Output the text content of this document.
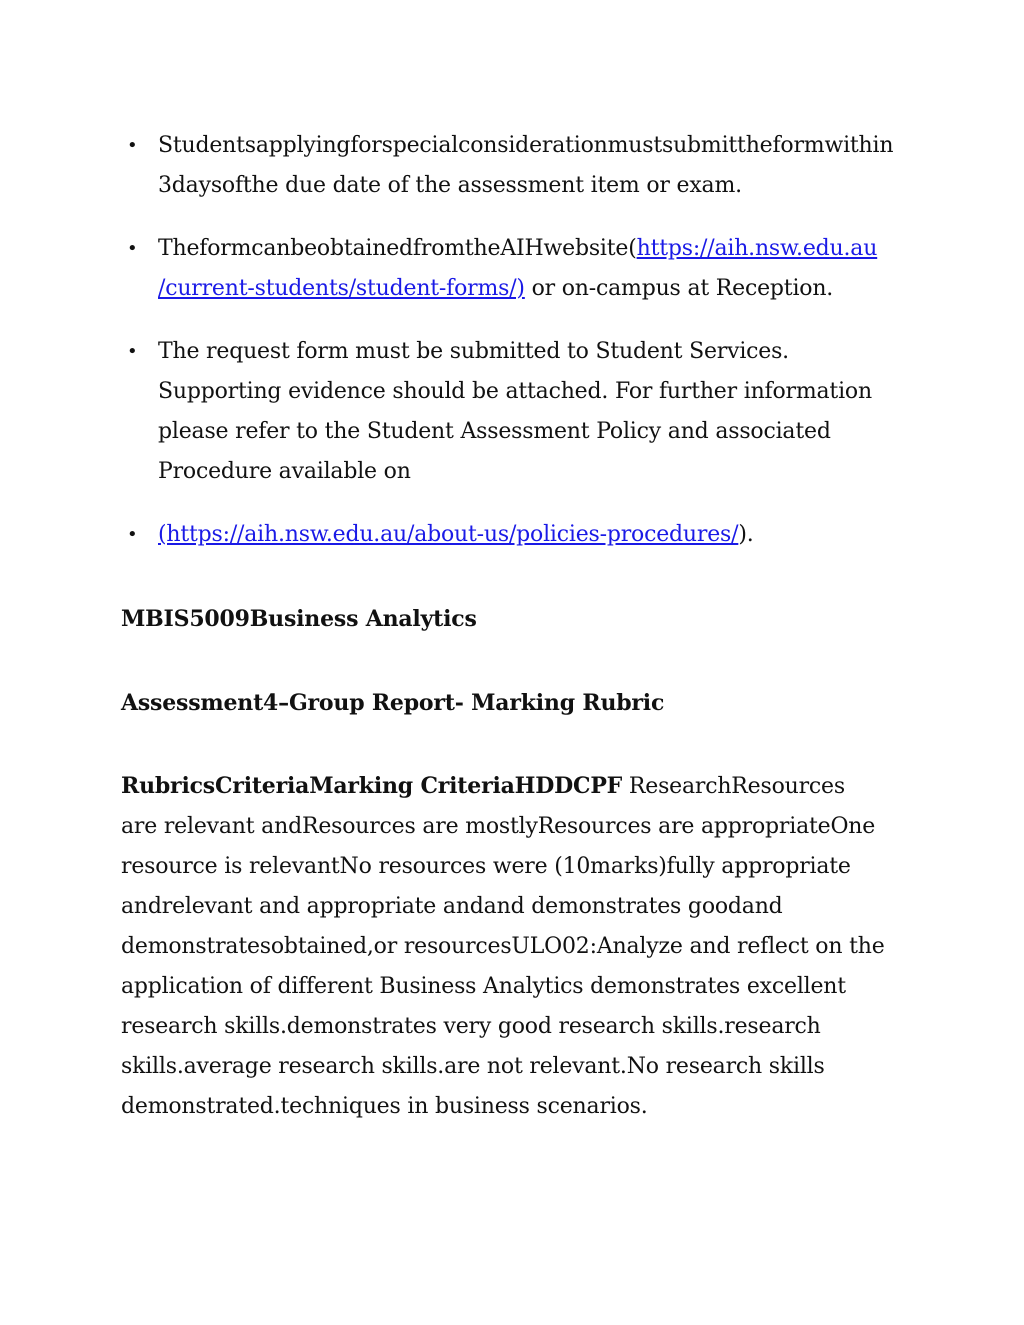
• Studentsapplyingforspecialconsiderationmustsubmittheformwithin
3daysofthe due date of the assessment item or exam.
• TheformcanbeobtainedfromtheAIHwebsite(https://aih.nsw.edu.au
/current-students/student-forms/) or on-campus at Reception.
• The request form must be submitted to Student Services.
Supporting evidence should be attached. For further information
please refer to the Student Assessment Policy and associated
Procedure available on
• (https://aih.nsw.edu.au/about-us/policies-procedures/).
MBIS5009Business Analytics
Assessment4–Group Report- Marking Rubric

RubricsCriteriaMarking CriteriaHDDCPF ResearchResources
are relevant andResources are mostlyResources are appropriateOne
resource is relevantNo resources were (10marks)fully appropriate
andrelevant and appropriate andand demonstrates goodand
demonstratesobtained,or resourcesULO02:Analyze and reflect on the
application of different Business Analytics demonstrates excellent
research skills.demonstrates very good research skills.research
skills.average research skills.are not relevant.No research skills
demonstrated.techniques in business scenarios.
